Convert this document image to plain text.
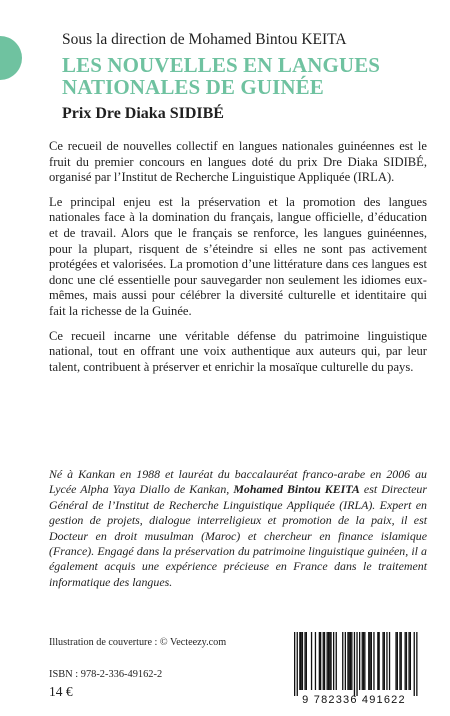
Sous la direction de Mohamed Bintou KEITA
LES NOUVELLES EN LANGUES
NATIONALES DE GUINÉE
Prix Dre Diaka SIDIBÉ

Ce recueil de nouvelles collectif en langues nationales guinéennes est le fruit du premier concours en langues doté du prix Dre Diaka SIDIBÉ, organisé par l’Institut de Recherche Linguistique Appliquée (IRLA).

Le principal enjeu est la préservation et la promotion des langues nationales face à la domination du français, langue officielle, d’éducation et de travail. Alors que le français se renforce, les langues guinéennes, pour la plupart, risquent de s’éteindre si elles ne sont pas activement protégées et valorisées. La promotion d’une littérature dans ces langues est donc une clé essentielle pour sauvegarder non seulement les idiomes eux-mêmes, mais aussi pour célébrer la diversité culturelle et identitaire qui fait la richesse de la Guinée.

Ce recueil incarne une véritable défense du patrimoine linguistique national, tout en offrant une voix authentique aux auteurs qui, par leur talent, contribuent à préserver et enrichir la mosaïque culturelle du pays.

Né à Kankan en 1988 et lauréat du baccalauréat franco-arabe en 2006 au Lycée Alpha Yaya Diallo de Kankan, Mohamed Bintou KEITA est Directeur Général de l’Institut de Recherche Linguistique Appliquée (IRLA). Expert en gestion de projets, dialogue interreligieux et promotion de la paix, il est Docteur en droit musulman (Maroc) et chercheur en finance islamique (France). Engagé dans la préservation du patrimoine linguistique guinéen, il a également acquis une expérience précieuse en France dans le traitement informatique des langues.

Illustration de couverture : © Vecteezy.com
ISBN : 978-2-336-49162-2
14 €
9 782336 491622
